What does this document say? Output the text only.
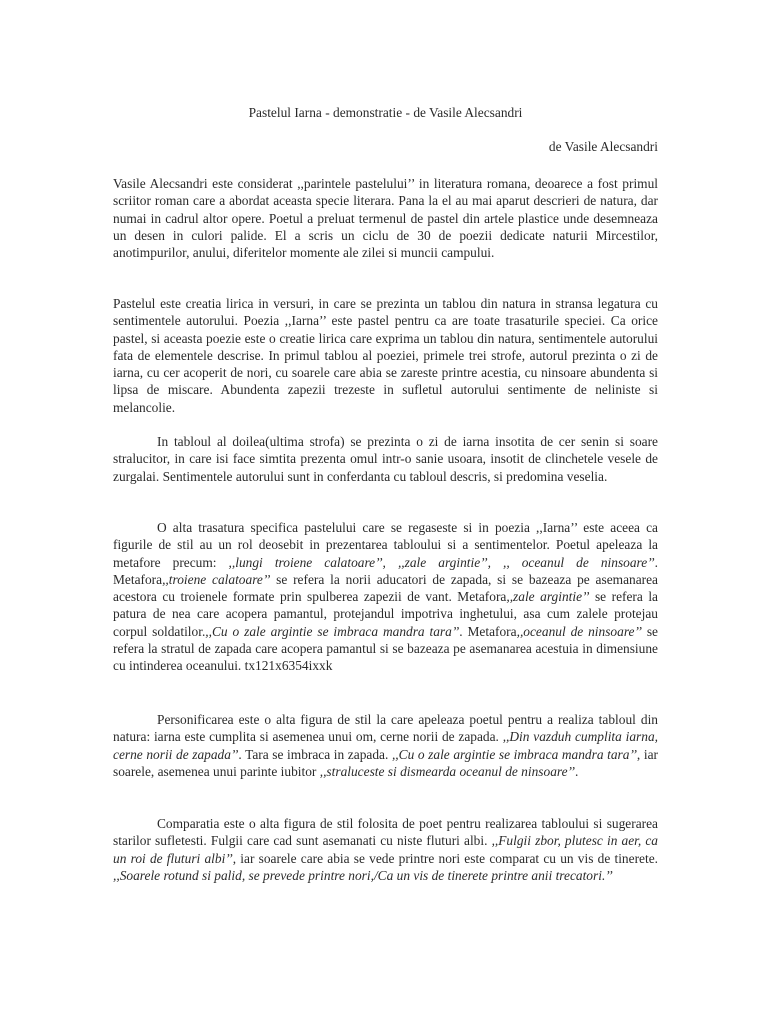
Pastelul Iarna - demonstratie - de Vasile Alecsandri
de Vasile Alecsandri

Vasile Alecsandri este considerat ,,parintele pastelului’’ in literatura romana, deoarece a fost primul scriitor roman care a abordat aceasta specie literara. Pana la el au mai aparut descrieri de natura, dar numai in cadrul altor opere. Poetul a preluat termenul de pastel din artele plastice unde desemneaza un desen in culori palide. El a scris un ciclu de 30 de poezii dedicate naturii Mircestilor, anotimpurilor, anului, diferitelor momente ale zilei si muncii campului.

Pastelul este creatia lirica in versuri, in care se prezinta un tablou din natura in stransa legatura cu sentimentele autorului. Poezia ,,Iarna’’ este pastel pentru ca are toate trasaturile speciei. Ca orice pastel, si aceasta poezie este o creatie lirica care exprima un tablou din natura, sentimentele autorului fata de elementele descrise. In primul tablou al poeziei, primele trei strofe, autorul prezinta o zi de iarna, cu cer acoperit de nori, cu soarele care abia se zareste printre acestia, cu ninsoare abundenta si lipsa de miscare. Abundenta zapezii trezeste in sufletul autorului sentimente de neliniste si melancolie.

In tabloul al doilea(ultima strofa) se prezinta o zi de iarna insotita de cer senin si soare stralucitor, in care isi face simtita prezenta omul intr-o sanie usoara, insotit de clinchetele vesele de zurgalai. Sentimentele autorului sunt in conferdanta cu tabloul descris, si predomina veselia.

O alta trasatura specifica pastelului care se regaseste si in poezia ,,Iarna’’ este aceea ca figurile de stil au un rol deosebit in prezentarea tabloului si a sentimentelor. Poetul apeleaza la metafore precum: ,,lungi troiene calatoare’’, ,,zale argintie’’, ,, oceanul de ninsoare’’. Metafora,,troiene calatoare’’ se refera la norii aducatori de zapada, si se bazeaza pe asemanarea acestora cu troienele formate prin spulberea zapezii de vant. Metafora,,zale argintie’’ se refera la patura de nea care acopera pamantul, protejandul impotriva inghetului, asa cum zalele protejau corpul soldatilor.,,Cu o zale argintie se imbraca mandra tara’’. Metafora,,oceanul de ninsoare’’ se refera la stratul de zapada care acopera pamantul si se bazeaza pe asemanarea acestuia in dimensiune cu intinderea oceanului. tx121x6354ixxk

Personificarea este o alta figura de stil la care apeleaza poetul pentru a realiza tabloul din natura: iarna este cumplita si asemenea unui om, cerne norii de zapada. ,,Din vazduh cumplita iarna, cerne norii de zapada’’. Tara se imbraca in zapada. ,,Cu o zale argintie se imbraca mandra tara’’, iar soarele, asemenea unui parinte iubitor ,,straluceste si dismearda oceanul de ninsoare’’.

Comparatia este o alta figura de stil folosita de poet pentru realizarea tabloului si sugerarea starilor sufletesti. Fulgii care cad sunt asemanati cu niste fluturi albi. ,,Fulgii zbor, plutesc in aer, ca un roi de fluturi albi’’, iar soarele care abia se vede printre nori este comparat cu un vis de tinerete. ,,Soarele rotund si palid, se prevede printre nori,/Ca un vis de tinerete printre anii trecatori.’’
